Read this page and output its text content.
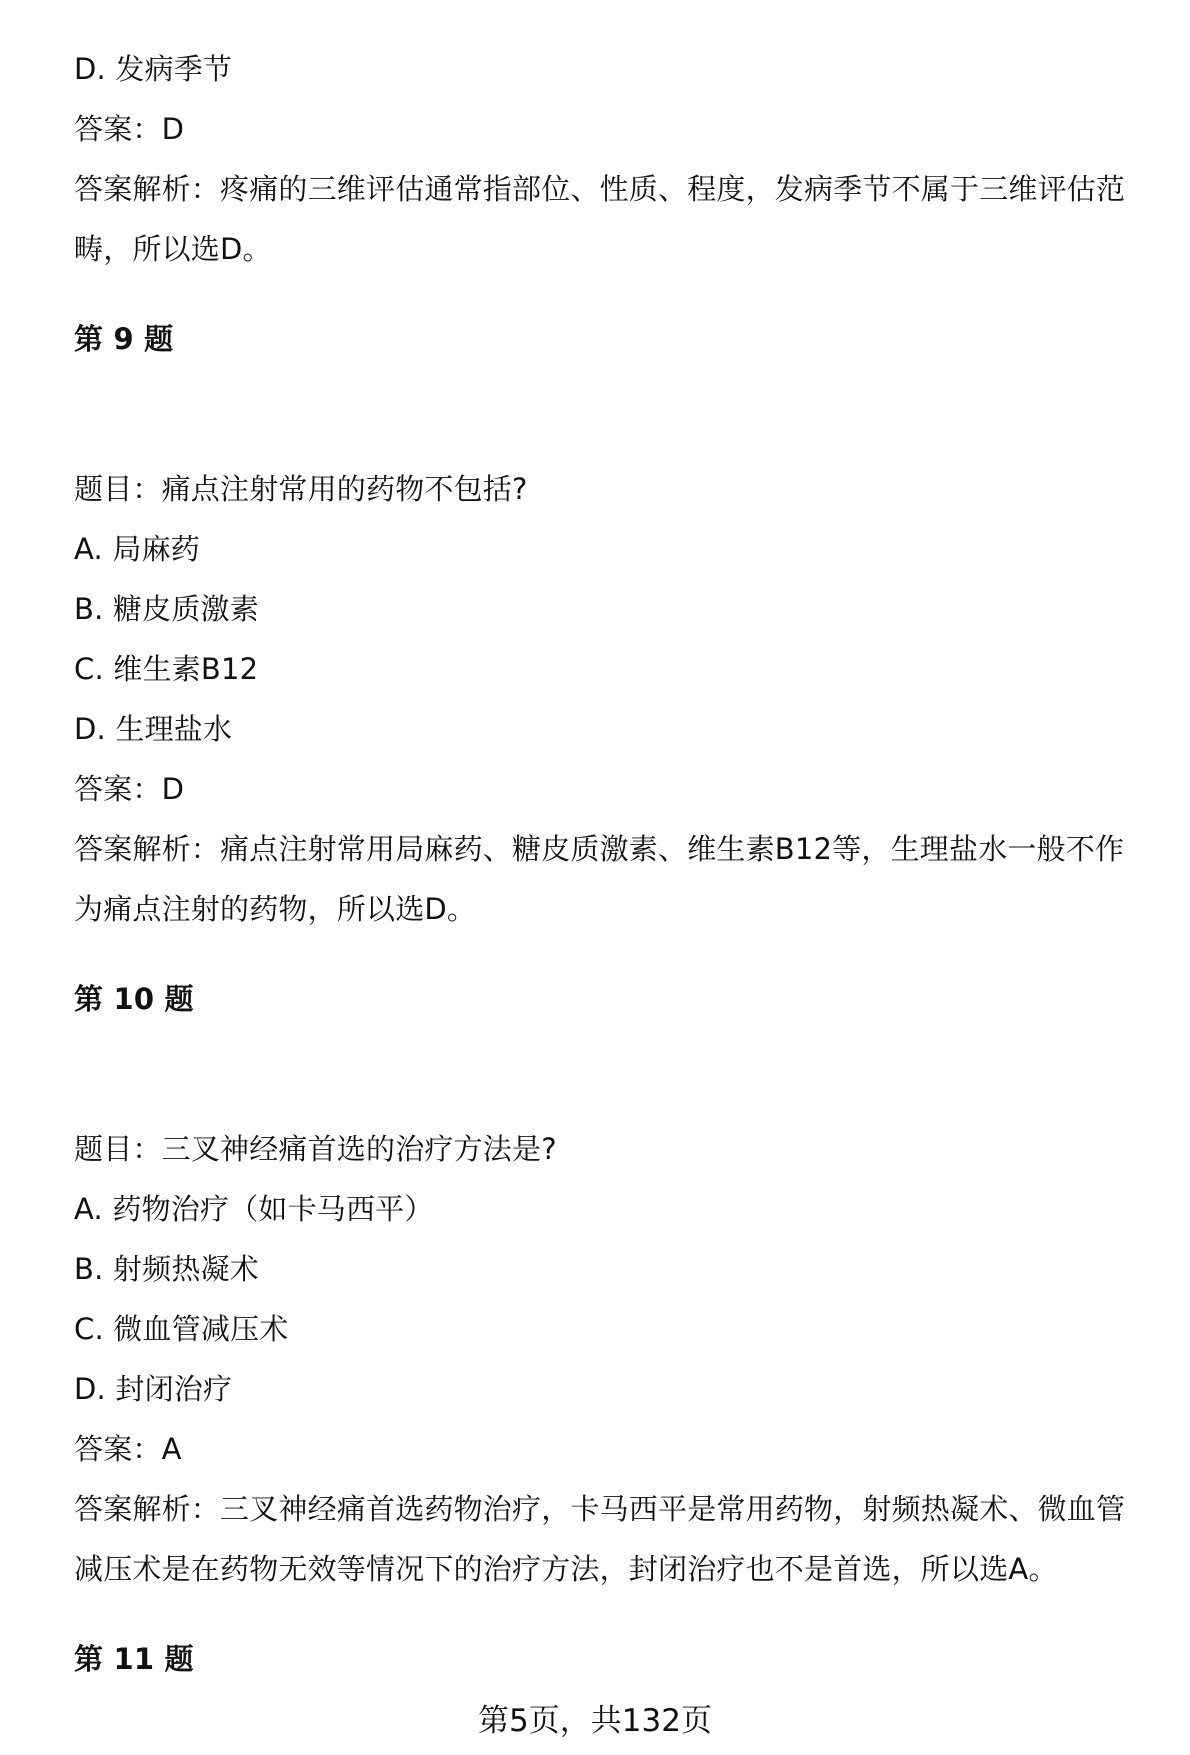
D. 发病季节
答案：D
答案解析：疼痛的三维评估通常指部位、性质、程度，发病季节不属于三维评估范
畴，所以选D。
第 9 题
题目：痛点注射常用的药物不包括?
A. 局麻药
B. 糖皮质激素
C. 维生素B12
D. 生理盐水
答案：D
答案解析：痛点注射常用局麻药、糖皮质激素、维生素B12等，生理盐水一般不作
为痛点注射的药物，所以选D。
第 10 题
题目：三叉神经痛首选的治疗方法是?
A. 药物治疗（如卡马西平）
B. 射频热凝术
C. 微血管减压术
D. 封闭治疗
答案：A
答案解析：三叉神经痛首选药物治疗，卡马西平是常用药物，射频热凝术、微血管
减压术是在药物无效等情况下的治疗方法，封闭治疗也不是首选，所以选A。
第 11 题
第5页，共132页
